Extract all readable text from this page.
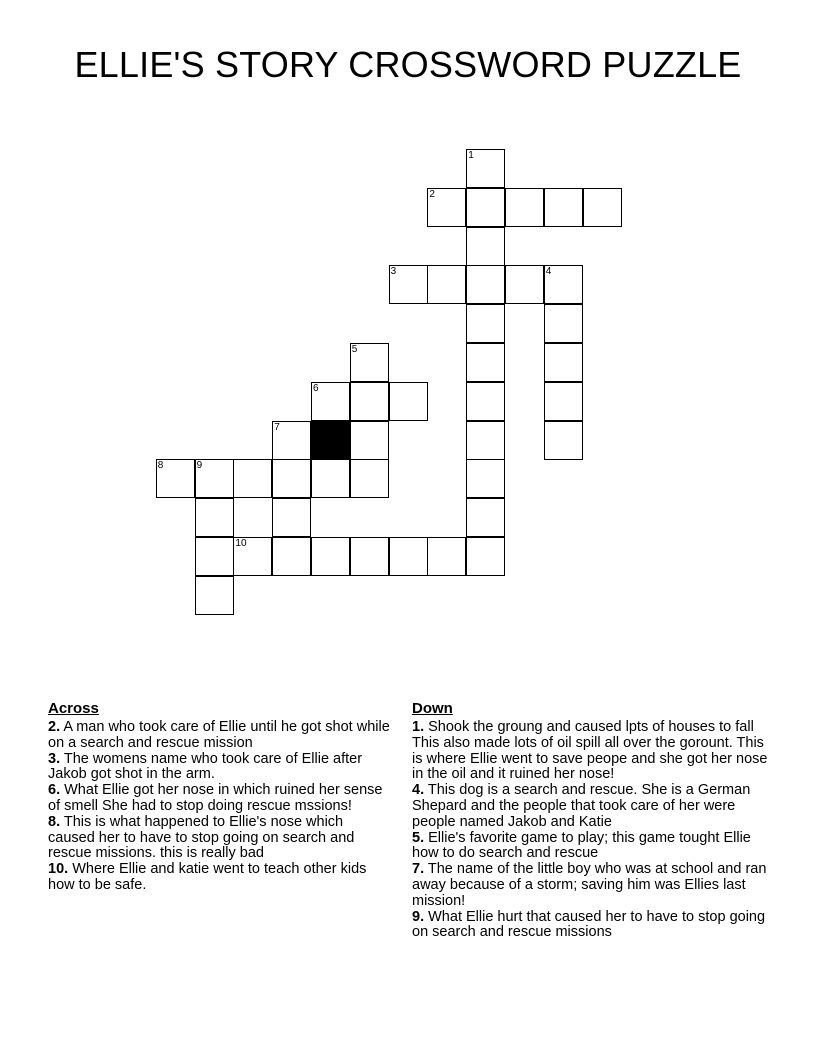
ELLIE'S STORY CROSSWORD PUZZLE
1
2
3	4
5
6
7
8	9
10
Across

2. A man who took care of Ellie until he got shot while on a search and rescue mission

3. The womens name who took care of Ellie after Jakob got shot in the arm.

6. What Ellie got her nose in which ruined her sense of smell She had to stop doing rescue mssions!

8. This is what happened to Ellie's nose which caused her to have to stop going on search and rescue missions. this is really bad

10. Where Ellie and katie went to teach other kids how to be safe.

Down

1. Shook the groung and caused lpts of houses to fall This also made lots of oil spill all over the gorount. This is where Ellie went to save peope and she got her nose in the oil and it ruined her nose!

4. This dog is a search and rescue. She is a German Shepard and the people that took care of her were people named Jakob and Katie

5. Ellie's favorite game to play; this game tought Ellie how to do search and rescue

7. The name of the little boy who was at school and ran away because of a storm; saving him was Ellies last mission!

9. What Ellie hurt that caused her to have to stop going on search and rescue missions
